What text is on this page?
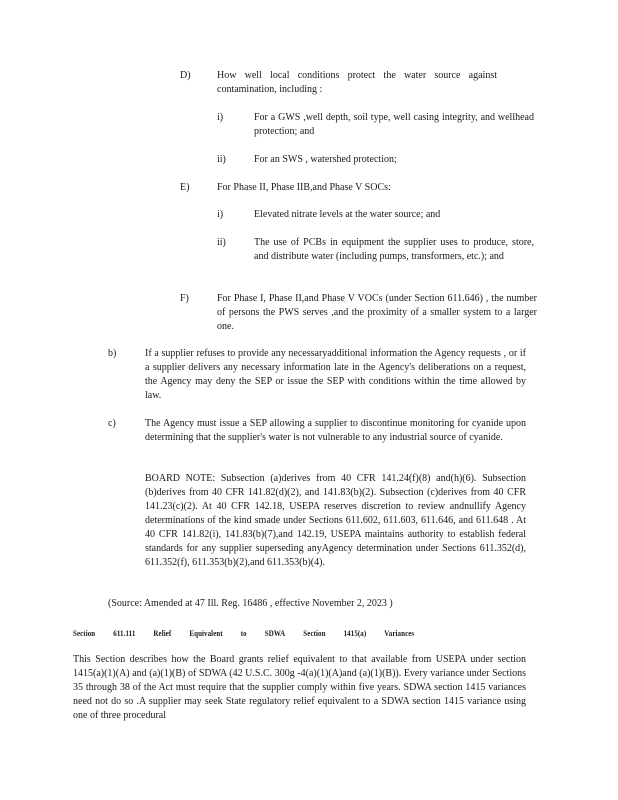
D)	How well local conditions protect the water source against contamination, including :
i)	For a GWS ,well depth, soil type, well casing integrity, and wellhead protection; and
ii)	For an SWS , watershed protection;
E)	For Phase II, Phase IIB,and Phase V SOCs:
i)	Elevated nitrate levels at the water source; and
ii)	The use of PCBs in equipment the supplier uses to produce, store, and distribute water (including pumps, transformers, etc.); and
F)	For Phase I, Phase II,and Phase V VOCs (under Section 611.646) , the number of persons the PWS serves ,and the proximity of a smaller system to a larger one.
b)	If a supplier refuses to provide any necessaryadditional information the Agency requests , or if a supplier delivers any necessary information late in the Agency's deliberations on a request, the Agency may deny the SEP or issue the SEP with conditions within the time allowed by law.
c)	The Agency must issue a SEP allowing a supplier to discontinue monitoring for cyanide upon determining that the supplier's water is not vulnerable to any industrial source of cyanide.
BOARD NOTE: Subsection (a)derives from 40 CFR 141.24(f)(8) and(h)(6). Subsection (b)derives from 40 CFR 141.82(d)(2), and 141.83(b)(2). Subsection (c)derives from 40 CFR 141.23(c)(2). At 40 CFR 142.18, USEPA reserves discretion to review andnullify Agency determinations of the kind smade under Sections 611.602, 611.603, 611.646, and 611.648 . At 40 CFR 141.82(i), 141.83(b)(7),and 142.19, USEPA maintains authority to establish federal standards for any supplier superseding anyAgency determination under Sections 611.352(d), 611.352(f), 611.353(b)(2),and 611.353(b)(4).
(Source: Amended at 47 Ill. Reg. 16486 , effective November 2, 2023 )
Section 611.111 Relief Equivalent to SDWA Section 1415(a) Variances
This Section describes how the Board grants relief equivalent to that available from USEPA under section 1415(a)(1)(A) and (a)(1)(B) of SDWA (42 U.S.C. 300g -4(a)(1)(A)and (a)(1)(B)). Every variance under Sections 35 through 38 of the Act must require that the supplier comply within five years. SDWA section 1415 variances need not do so .A supplier may seek State regulatory relief equivalent to a SDWA section 1415 variance using one of three procedural
